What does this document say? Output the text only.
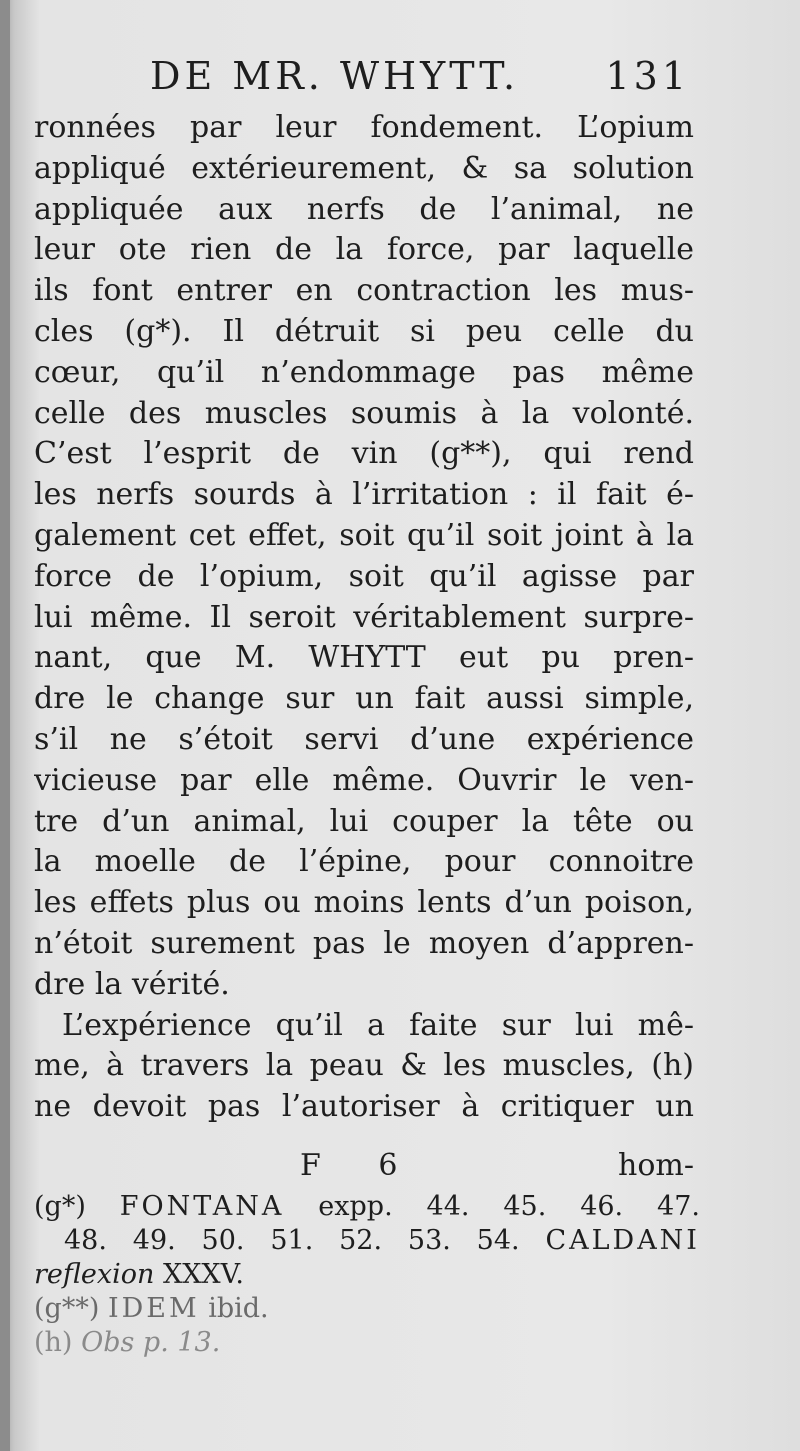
DE MR. WHYTT. 131
ronnées par leur fondement. L’opium
appliqué extérieurement, & sa solution
appliquée aux nerfs de l’animal, ne
leur ote rien de la force, par laquelle
ils font entrer en contraction les mus-
cles (g*). Il détruit si peu celle du
cœur, qu’il n’endommage pas même
celle des muscles soumis à la volonté.
C’est l’esprit de vin (g**), qui rend
les nerfs sourds à l’irritation : il fait é-
galement cet effet, soit qu’il soit joint à la
force de l’opium, soit qu’il agisse par
lui même. Il seroit véritablement surpre-
nant, que M. WHYTT eut pu pren-
dre le change sur un fait aussi simple,
s’il ne s’étoit servi d’une expérience
vicieuse par elle même. Ouvrir le ven-
tre d’un animal, lui couper la tête ou
la moelle de l’épine, pour connoitre
les effets plus ou moins lents d’un poison,
n’étoit surement pas le moyen d’appren-
dre la vérité.
L’expérience qu’il a faite sur lui mê-
me, à travers la peau & les muscles, (h)
ne devoit pas l’autoriser à critiquer un
F 6	hom-
(g*) FONTANA expp. 44. 45. 46. 47.
48. 49. 50. 51. 52. 53. 54. CALDANI
reflexion XXXV.
(g**) IDEM ibid.
(h) Obs p. 13.
